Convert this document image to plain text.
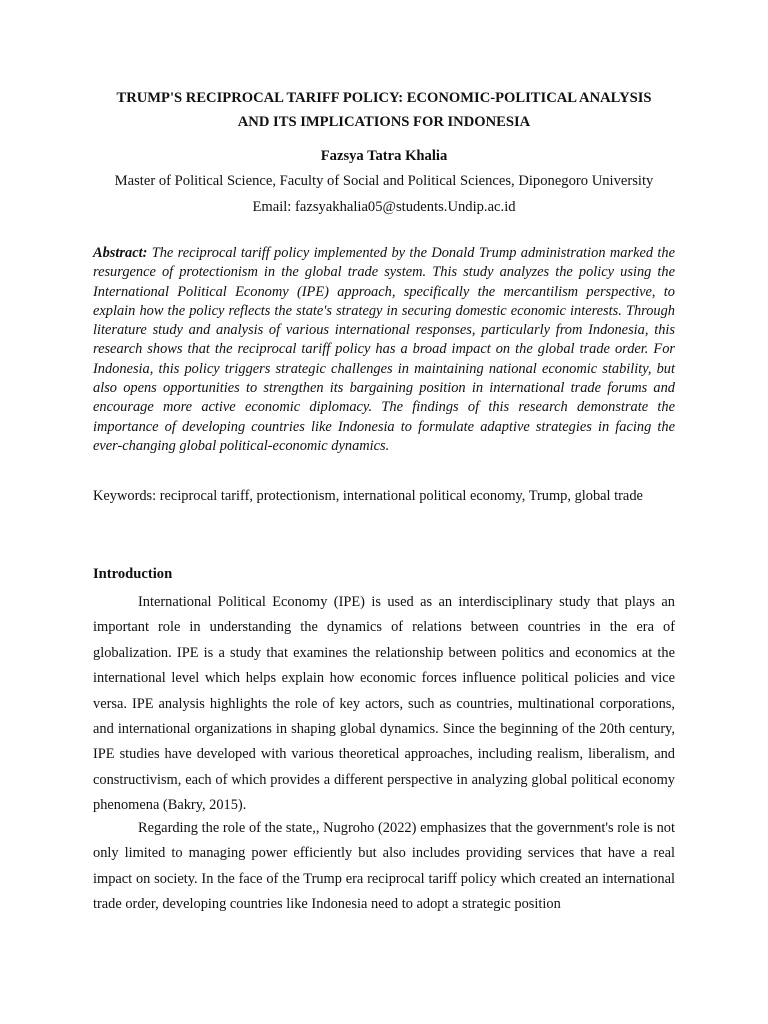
TRUMP'S RECIPROCAL TARIFF POLICY: ECONOMIC-POLITICAL ANALYSIS
AND ITS IMPLICATIONS FOR INDONESIA
Fazsya Tatra Khalia
Master of Political Science, Faculty of Social and Political Sciences, Diponegoro University
Email: fazsyakhalia05@students.Undip.ac.id

Abstract: The reciprocal tariff policy implemented by the Donald Trump administration marked the resurgence of protectionism in the global trade system. This study analyzes the policy using the International Political Economy (IPE) approach, specifically the mercantilism perspective, to explain how the policy reflects the state's strategy in securing domestic economic interests. Through literature study and analysis of various international responses, particularly from Indonesia, this research shows that the reciprocal tariff policy has a broad impact on the global trade order. For Indonesia, this policy triggers strategic challenges in maintaining national economic stability, but also opens opportunities to strengthen its bargaining position in international trade forums and encourage more active economic diplomacy. The findings of this research demonstrate the importance of developing countries like Indonesia to formulate adaptive strategies in facing the ever-changing global political-economic dynamics.

Keywords: reciprocal tariff, protectionism, international political economy, Trump, global trade

Introduction

International Political Economy (IPE) is used as an interdisciplinary study that plays an important role in understanding the dynamics of relations between countries in the era of globalization. IPE is a study that examines the relationship between politics and economics at the international level which helps explain how economic forces influence political policies and vice versa. IPE analysis highlights the role of key actors, such as countries, multinational corporations, and international organizations in shaping global dynamics. Since the beginning of the 20th century, IPE studies have developed with various theoretical approaches, including realism, liberalism, and constructivism, each of which provides a different perspective in analyzing global political economy phenomena (Bakry, 2015).

Regarding the role of the state,, Nugroho (2022) emphasizes that the government's role is not only limited to managing power efficiently but also includes providing services that have a real impact on society. In the face of the Trump era reciprocal tariff policy which created an international trade order, developing countries like Indonesia need to adopt a strategic position
